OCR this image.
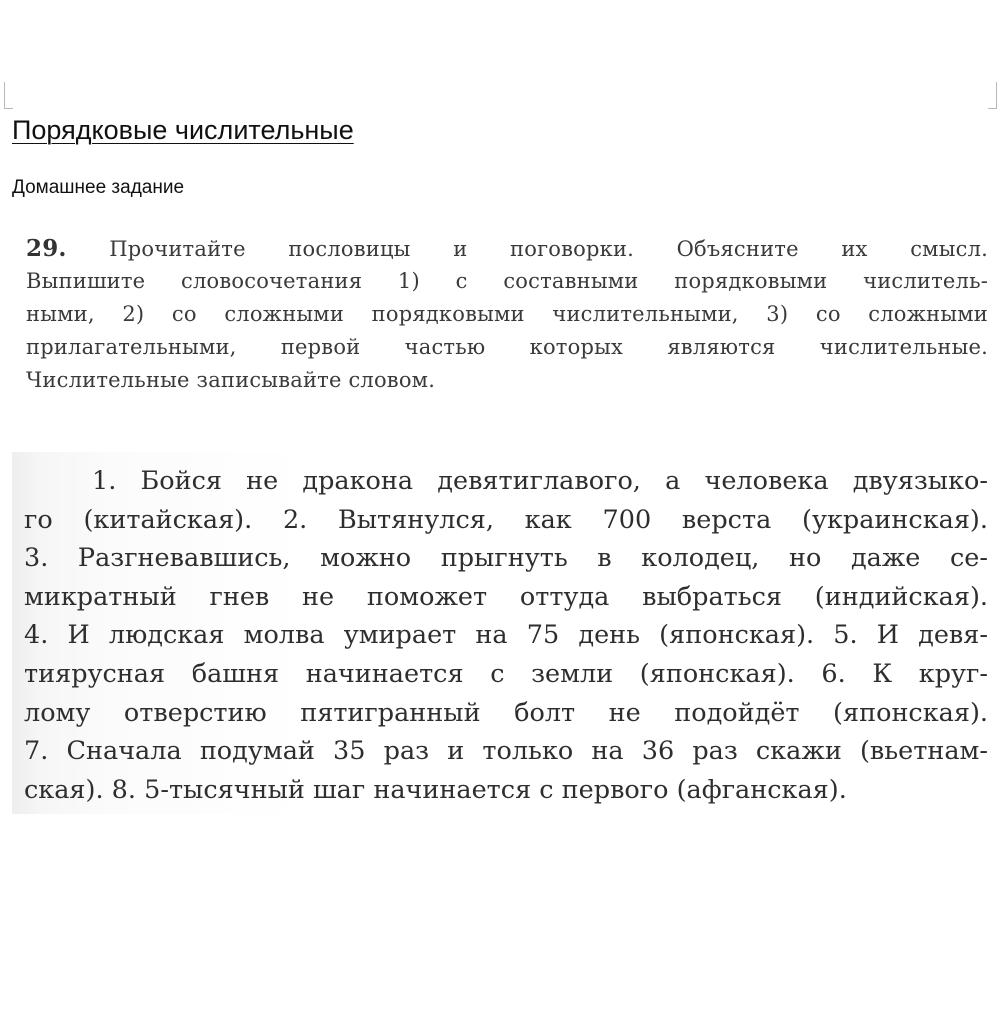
Порядковые числительные
Домашнее задание
29. Прочитайте пословицы и поговорки. Объясните их смысл.
Выпишите словосочетания 1) с составными порядковыми числитель-
ными, 2) со сложными порядковыми числительными, 3) со сложными
прилагательными, первой частью которых являются числительные.
Числительные записывайте словом.
1. Бойся не дракона девятиглавого, а человека двуязыко-
го (китайская). 2. Вытянулся, как 700 верста (украинская).
3. Разгневавшись, можно прыгнуть в колодец, но даже се-
микратный гнев не поможет оттуда выбраться (индийская).
4. И людская молва умирает на 75 день (японская). 5. И девя-
тиярусная башня начинается с земли (японская). 6. К круг-
лому отверстию пятигранный болт не подойдёт (японская).
7. Сначала подумай 35 раз и только на 36 раз скажи (вьетнам-
ская). 8. 5-тысячный шаг начинается с первого (афганская).
